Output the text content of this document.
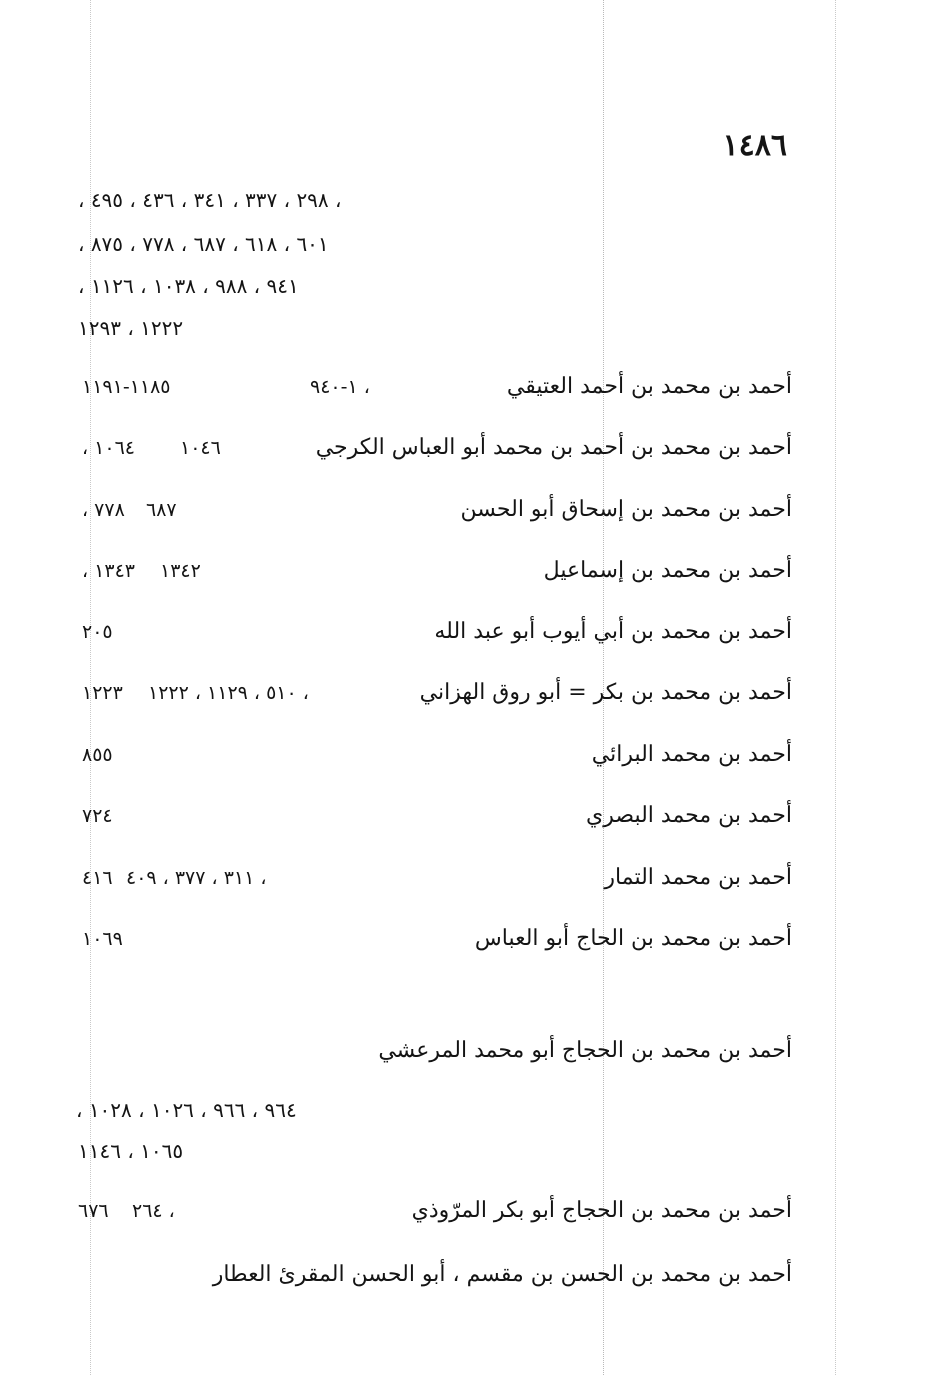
١٤٨٦
، ٢٩٨ ، ٣٣٧ ، ٣٤١ ، ٤٣٦ ، ٤٩٥ ،
٦٠١ ، ٦١٨ ، ٦٨٧ ، ٧٧٨ ، ٨٧٥ ،
٩٤١ ، ٩٨٨ ، ١٠٣٨ ، ١١٢٦ ،
١٢٢٢ ، ١٢٩٣
أحمد بن محمد بن أحمد العتيقي
١-٩٤٠ ،
١١٨٥-١١٩١
أحمد بن محمد بن أحمد بن محمد أبو العباس الكرجي
١٠٤٦
، ١٠٦٤
أحمد بن محمد بن إسحاق أبو الحسن
٦٨٧
، ٧٧٨
أحمد بن محمد بن إسماعيل
١٣٤٢
، ١٣٤٣
أحمد بن محمد بن أبي أيوب أبو عبد الله
٢٠٥
أحمد بن محمد بن بكر = أبو روق الهزاني
٥١٠ ، ١١٢٩ ، ١٢٢٢ ،
١٢٢٣
أحمد بن محمد البرائي
٨٥٥
أحمد بن محمد البصري
٧٢٤
أحمد بن محمد التمار
٣١١ ، ٣٧٧ ، ٤٠٩ ،
٤١٦
أحمد بن محمد بن الحاج أبو العباس
١٠٦٩
أحمد بن محمد بن الحجاج أبو محمد المرعشي
٩٦٤ ، ٩٦٦ ، ١٠٢٦ ، ١٠٢٨ ،
١٠٦٥ ، ١١٤٦
أحمد بن محمد بن الحجاج أبو بكر المرّوذي
٢٦٤ ،
٦٧٦
أحمد بن محمد بن الحسن بن مقسم ، أبو الحسن المقرئ العطار
